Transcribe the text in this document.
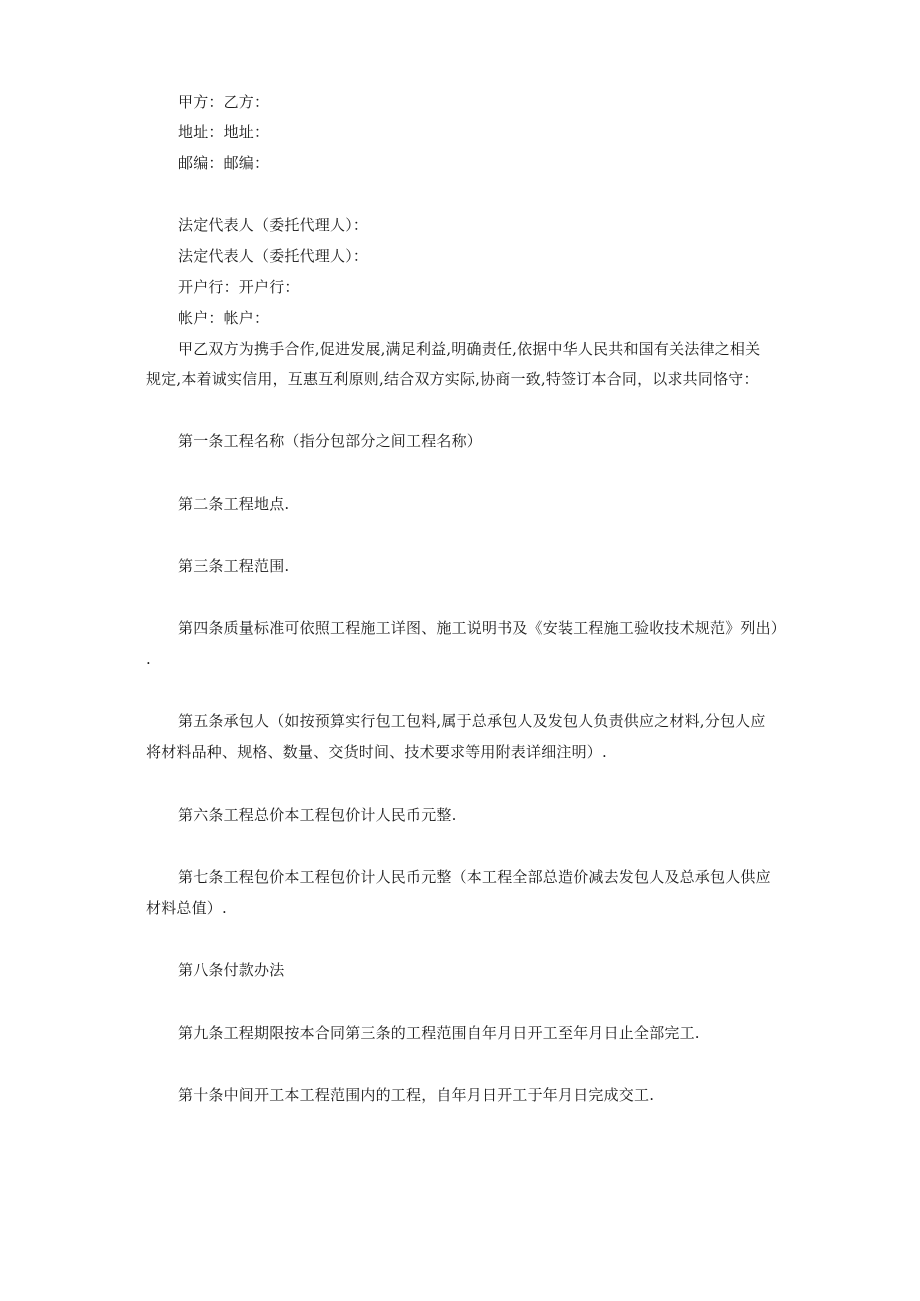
甲方：乙方：
地址：地址：
邮编：邮编：
法定代表人（委托代理人）：
法定代表人（委托代理人）：
开户行：开户行：
帐户：帐户：
甲乙双方为携手合作,促进发展,满足利益,明确责任,依据中华人民共和国有关法律之相关
规定,本着诚实信用，互惠互利原则,结合双方实际,协商一致,特签订本合同，以求共同恪守：
第一条工程名称（指分包部分之间工程名称）
第二条工程地点.
第三条工程范围.
第四条质量标准可依照工程施工详图、施工说明书及《安装工程施工验收技术规范》列出）
.
第五条承包人（如按预算实行包工包料,属于总承包人及发包人负责供应之材料,分包人应
将材料品种、规格、数量、交货时间、技术要求等用附表详细注明）.
第六条工程总价本工程包价计人民币元整.
第七条工程包价本工程包价计人民币元整（本工程全部总造价减去发包人及总承包人供应
材料总值）.
第八条付款办法
第九条工程期限按本合同第三条的工程范围自年月日开工至年月日止全部完工.
第十条中间开工本工程范围内的工程，自年月日开工于年月日完成交工.
